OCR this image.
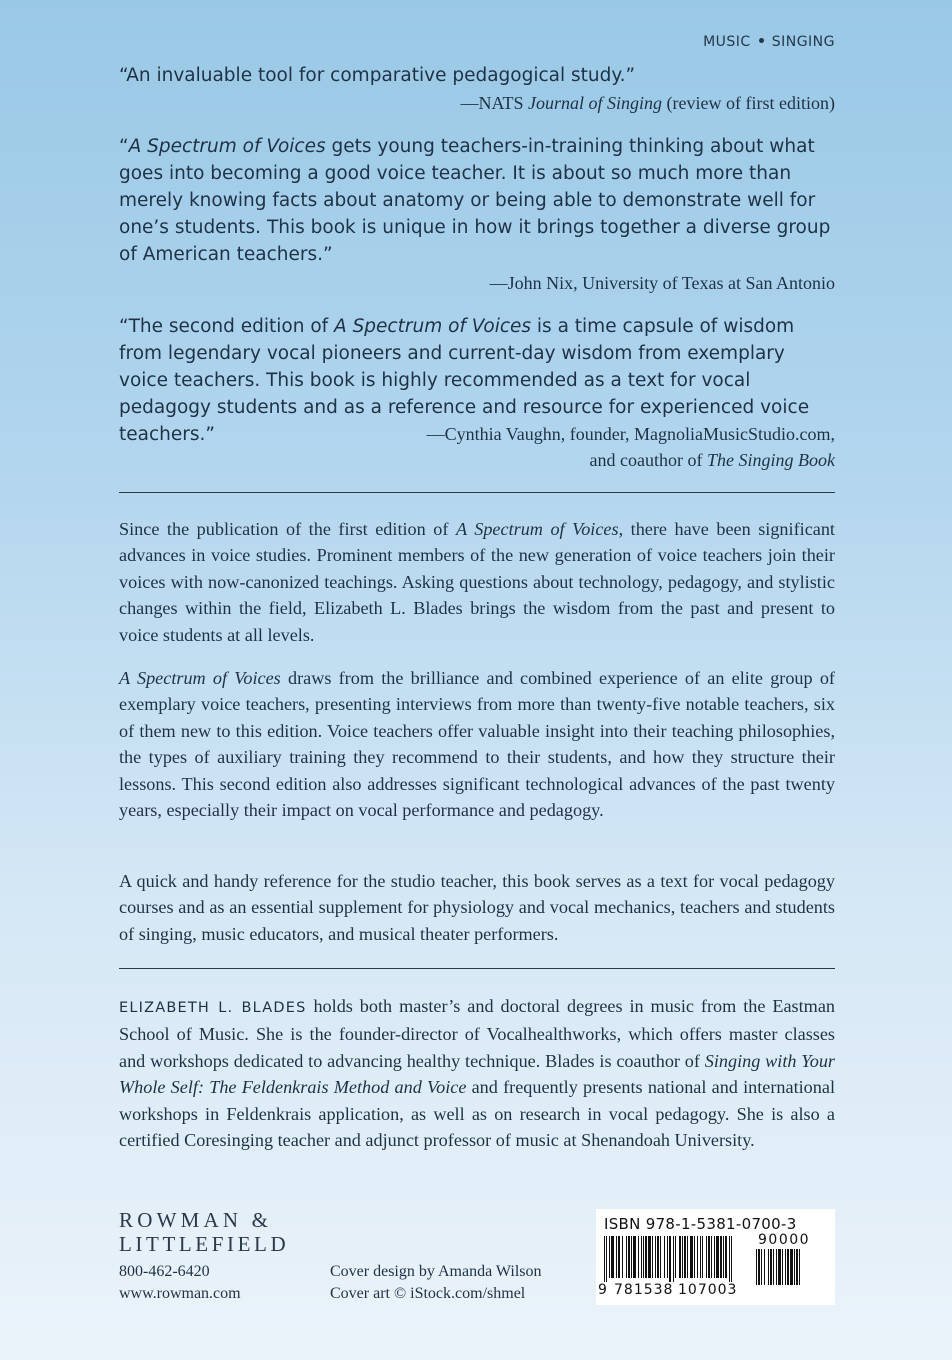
MUSIC SINGING
“An invaluable tool for comparative pedagogical study.”
—NATS Journal of Singing (review of first edition)
“A Spectrum of Voices gets young teachers-in-training thinking about what goes into becoming a good voice teacher. It is about so much more than merely knowing facts about anatomy or being able to demonstrate well for one’s students. This book is unique in how it brings together a diverse group of American teachers.”
—John Nix, University of Texas at San Antonio
“The second edition of A Spectrum of Voices is a time capsule of wisdom from legendary vocal pioneers and current-day wisdom from exemplary voice teachers. This book is highly recommended as a text for vocal pedagogy students and as a reference and resource for experienced voice teachers.”	—Cynthia Vaughn, founder, MagnoliaMusicStudio.com,
and coauthor of The Singing Book
Since the publication of the first edition of A Spectrum of Voices, there have been significant advances in voice studies. Prominent members of the new generation of voice teachers join their voices with now-canonized teachings. Asking questions about technology, pedagogy, and stylistic changes within the field, Elizabeth L. Blades brings the wisdom from the past and present to voice students at all levels.
A Spectrum of Voices draws from the brilliance and combined experience of an elite group of exemplary voice teachers, presenting interviews from more than twenty-five notable teachers, six of them new to this edition. Voice teachers offer valuable insight into their teaching philosophies, the types of auxiliary training they recommend to their students, and how they structure their lessons. This second edition also addresses significant technological advances of the past twenty years, especially their impact on vocal performance and pedagogy.
A quick and handy reference for the studio teacher, this book serves as a text for vocal pedagogy courses and as an essential supplement for physiology and vocal mechanics, teachers and students of singing, music educators, and musical theater performers.
ELIZABETH L. BLADES holds both master’s and doctoral degrees in music from the Eastman School of Music. She is the founder-director of Vocalhealthworks, which offers master classes and workshops dedicated to advancing healthy technique. Blades is coauthor of Singing with Your Whole Self: The Feldenkrais Method and Voice and frequently presents national and international workshops in Feldenkrais application, as well as on research in vocal pedagogy. She is also a certified Coresinging teacher and adjunct professor of music at Shenandoah University.
ROWMAN &
LITTLEFIELD
800-462-6420
www.rowman.com
Cover design by Amanda Wilson
Cover art © iStock.com/shmel
ISBN 978-1-5381-0700-3
90000
9 781538 107003
